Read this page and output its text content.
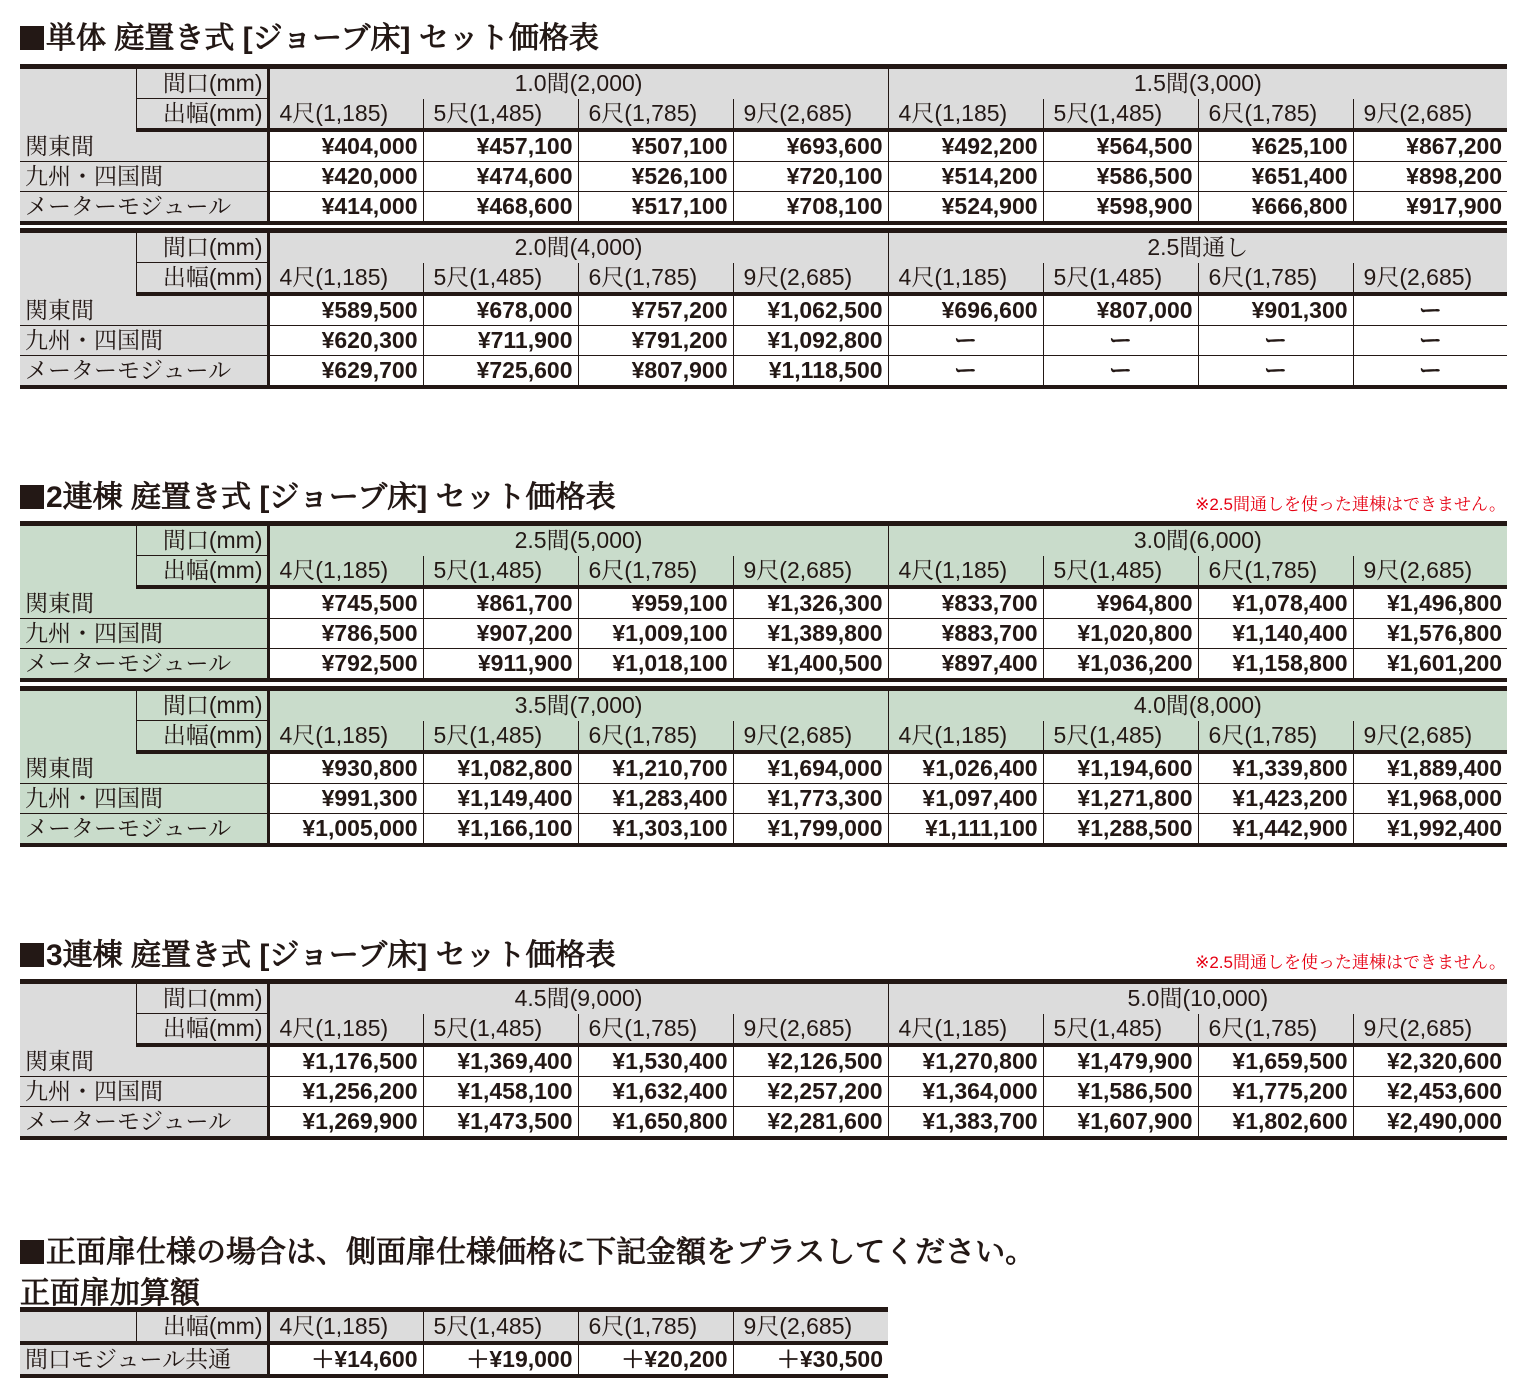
単体 庭置き式 [ジョーブ床] セット価格表
	間口(mm)	1.0間(2,000)				1.5間(3,000)			
	出幅(mm)	4尺(1,185)	5尺(1,485)	6尺(1,785)	9尺(2,685)	4尺(1,185)	5尺(1,485)	6尺(1,785)	9尺(2,685)
関東間		¥404,000	¥457,100	¥507,100	¥693,600	¥492,200	¥564,500	¥625,100	¥867,200
九州・四国間		¥420,000	¥474,600	¥526,100	¥720,100	¥514,200	¥586,500	¥651,400	¥898,200
メーターモジュール		¥414,000	¥468,600	¥517,100	¥708,100	¥524,900	¥598,900	¥666,800	¥917,900
	間口(mm)	2.0間(4,000)				2.5間通し			
	出幅(mm)	4尺(1,185)	5尺(1,485)	6尺(1,785)	9尺(2,685)	4尺(1,185)	5尺(1,485)	6尺(1,785)	9尺(2,685)
関東間		¥589,500	¥678,000	¥757,200	¥1,062,500	¥696,600	¥807,000	¥901,300	ー
九州・四国間		¥620,300	¥711,900	¥791,200	¥1,092,800	ー	ー	ー	ー
メーターモジュール		¥629,700	¥725,600	¥807,900	¥1,118,500	ー	ー	ー	ー
2連棟 庭置き式 [ジョーブ床] セット価格表	※2.5間通しを使った連棟はできません。
	間口(mm)	2.5間(5,000)				3.0間(6,000)			
	出幅(mm)	4尺(1,185)	5尺(1,485)	6尺(1,785)	9尺(2,685)	4尺(1,185)	5尺(1,485)	6尺(1,785)	9尺(2,685)
関東間		¥745,500	¥861,700	¥959,100	¥1,326,300	¥833,700	¥964,800	¥1,078,400	¥1,496,800
九州・四国間		¥786,500	¥907,200	¥1,009,100	¥1,389,800	¥883,700	¥1,020,800	¥1,140,400	¥1,576,800
メーターモジュール		¥792,500	¥911,900	¥1,018,100	¥1,400,500	¥897,400	¥1,036,200	¥1,158,800	¥1,601,200
	間口(mm)	3.5間(7,000)				4.0間(8,000)			
	出幅(mm)	4尺(1,185)	5尺(1,485)	6尺(1,785)	9尺(2,685)	4尺(1,185)	5尺(1,485)	6尺(1,785)	9尺(2,685)
関東間		¥930,800	¥1,082,800	¥1,210,700	¥1,694,000	¥1,026,400	¥1,194,600	¥1,339,800	¥1,889,400
九州・四国間		¥991,300	¥1,149,400	¥1,283,400	¥1,773,300	¥1,097,400	¥1,271,800	¥1,423,200	¥1,968,000
メーターモジュール		¥1,005,000	¥1,166,100	¥1,303,100	¥1,799,000	¥1,111,100	¥1,288,500	¥1,442,900	¥1,992,400
3連棟 庭置き式 [ジョーブ床] セット価格表	※2.5間通しを使った連棟はできません。
	間口(mm)	4.5間(9,000)				5.0間(10,000)			
	出幅(mm)	4尺(1,185)	5尺(1,485)	6尺(1,785)	9尺(2,685)	4尺(1,185)	5尺(1,485)	6尺(1,785)	9尺(2,685)
関東間		¥1,176,500	¥1,369,400	¥1,530,400	¥2,126,500	¥1,270,800	¥1,479,900	¥1,659,500	¥2,320,600
九州・四国間		¥1,256,200	¥1,458,100	¥1,632,400	¥2,257,200	¥1,364,000	¥1,586,500	¥1,775,200	¥2,453,600
メーターモジュール		¥1,269,900	¥1,473,500	¥1,650,800	¥2,281,600	¥1,383,700	¥1,607,900	¥1,802,600	¥2,490,000
正面扉仕様の場合は、側面扉仕様価格に下記金額をプラスしてください。
正面扉加算額
	出幅(mm)	4尺(1,185)	5尺(1,485)	6尺(1,785)	9尺(2,685)
間口モジュール共通		＋¥14,600	＋¥19,000	＋¥20,200	＋¥30,500
